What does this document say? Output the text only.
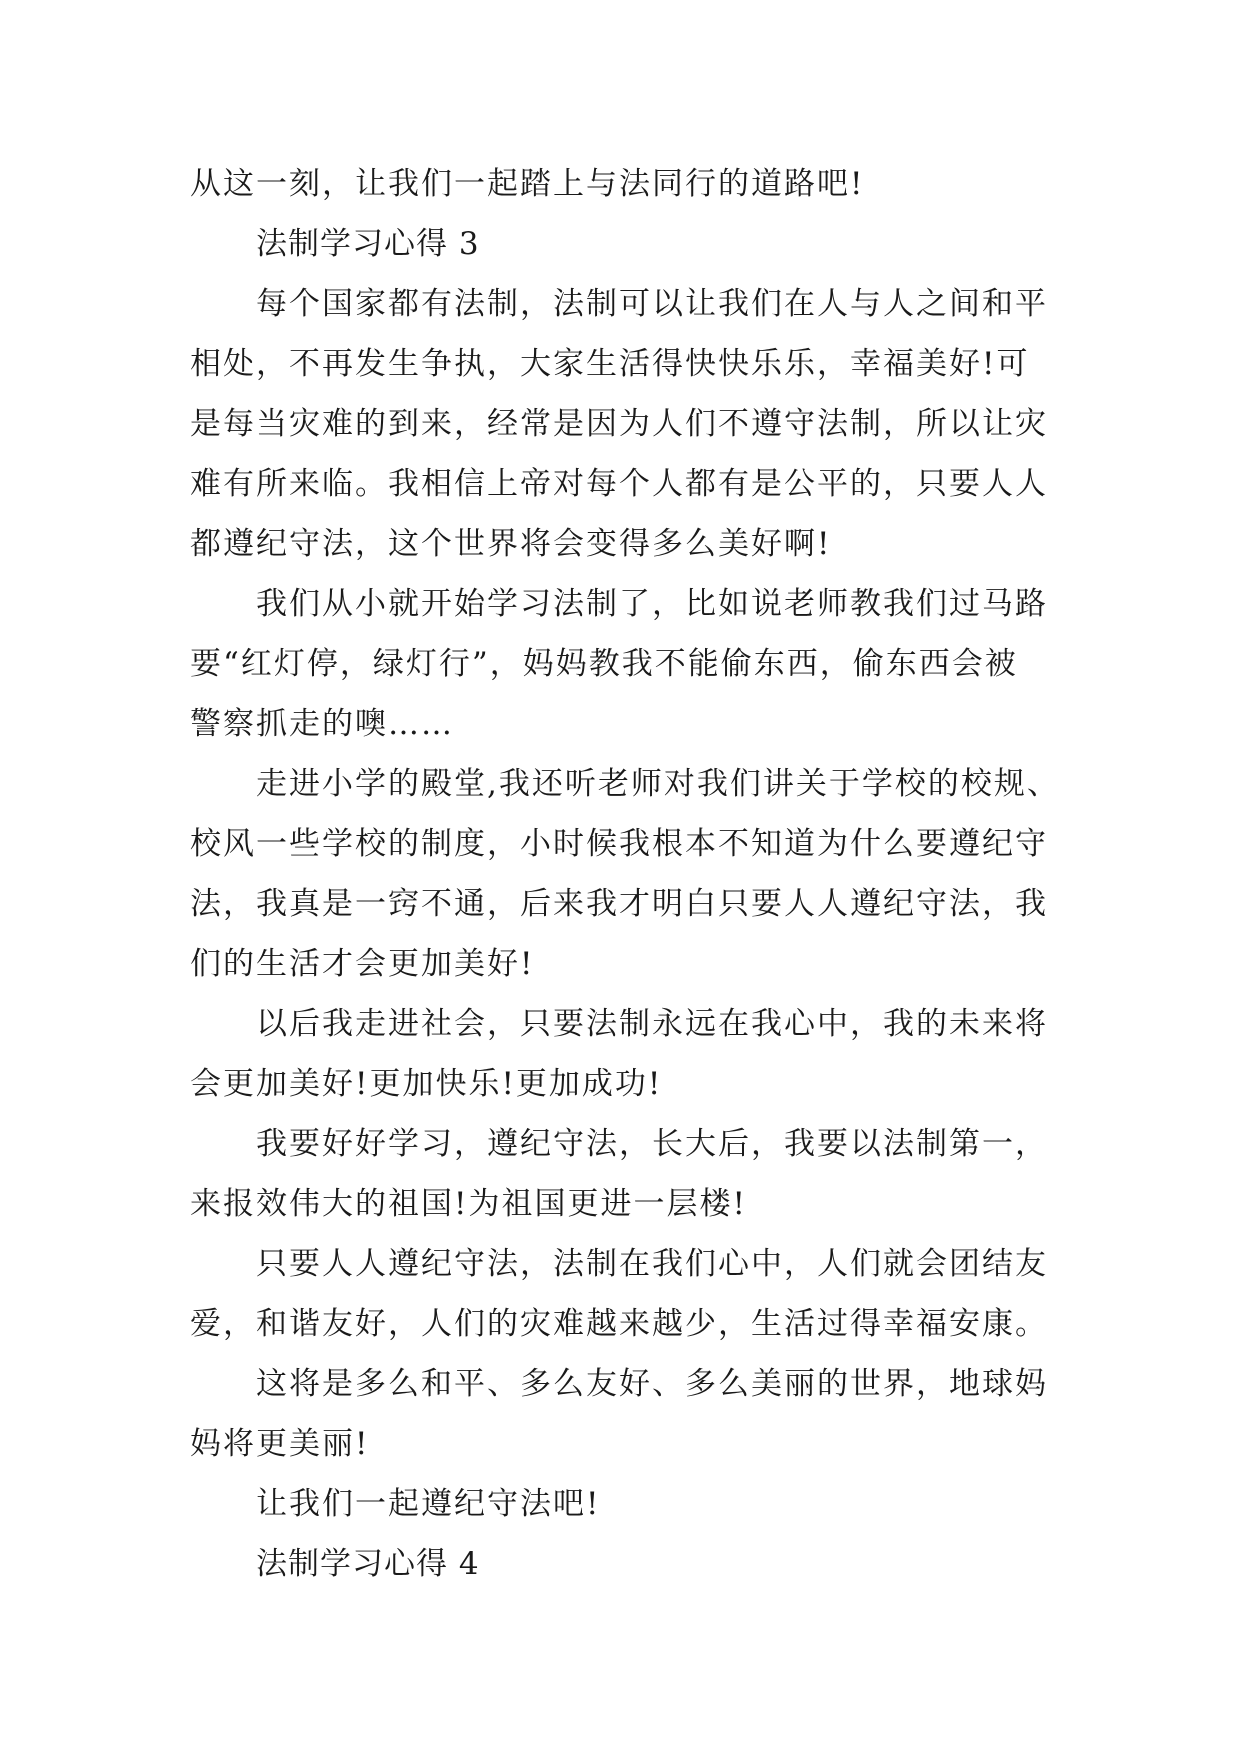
从这一刻，让我们一起踏上与法同行的道路吧!
法制学习心得 3
每个国家都有法制，法制可以让我们在人与人之间和平
相处，不再发生争执，大家生活得快快乐乐，幸福美好!可
是每当灾难的到来，经常是因为人们不遵守法制，所以让灾
难有所来临。我相信上帝对每个人都有是公平的，只要人人
都遵纪守法，这个世界将会变得多么美好啊!
我们从小就开始学习法制了，比如说老师教我们过马路
要“红灯停，绿灯行”，妈妈教我不能偷东西，偷东西会被
警察抓走的噢……
走进小学的殿堂,我还听老师对我们讲关于学校的校规、
校风一些学校的制度，小时候我根本不知道为什么要遵纪守
法，我真是一窍不通，后来我才明白只要人人遵纪守法，我
们的生活才会更加美好!
以后我走进社会，只要法制永远在我心中，我的未来将
会更加美好!更加快乐!更加成功!
我要好好学习，遵纪守法，长大后，我要以法制第一，
来报效伟大的祖国!为祖国更进一层楼!
只要人人遵纪守法，法制在我们心中，人们就会团结友
爱，和谐友好，人们的灾难越来越少，生活过得幸福安康。
这将是多么和平、多么友好、多么美丽的世界，地球妈
妈将更美丽!
让我们一起遵纪守法吧!
法制学习心得 4
